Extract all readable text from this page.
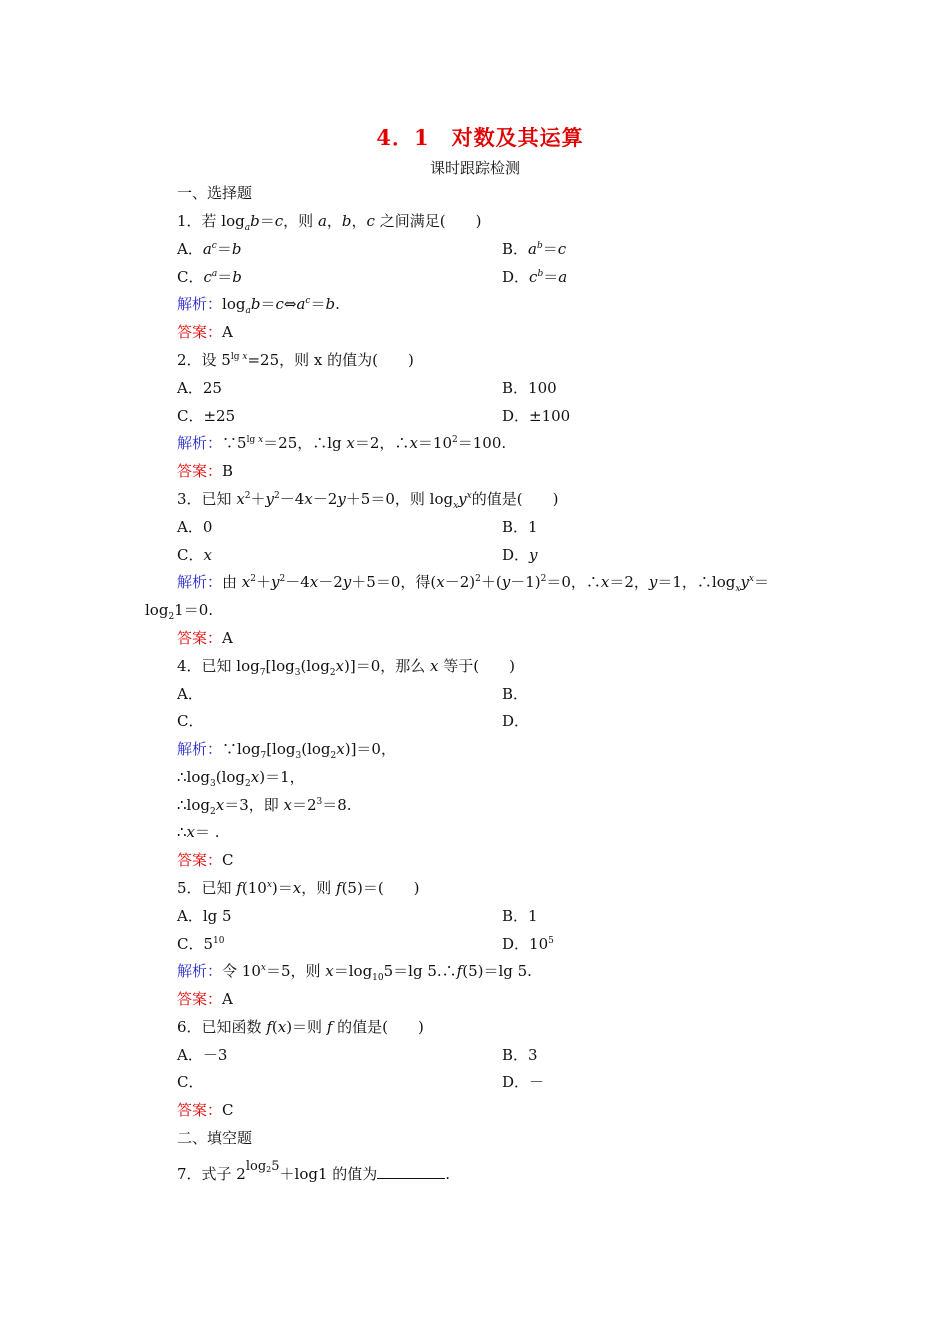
4．1　对数及其运算
课时跟踪检测
一、选择题
1．若 $\log_ab=c$，则 a，b，c 之间满足(　　)
A．$a^c=b$	B．$a^b=c$
C．$c^a=b$	D．$c^b=a$
解析：$\log_ab=c\Leftrightarrow a^c=b$.
答案：A
2．设 $5^{lg x}=25$，则 x 的值为(　　)
A．25	B．100
C．±25	D．±100
解析：$\because 5^{lg x}=25$，∴lg x＝2，$\therefore x=10^2=100$.
答案：B
3．已知 $x^2+y^2-4x-2y+5=0$，则 $\log_xy^x$的值是(　　)
A．0	B．1
C．x	D．y
解析：由 $x^2+y^2-4x-2y+5=0$，得$(x-2)^2+(y-1)^2=0$，∴x＝2，y＝1，$\therefore\log_xy^x=$
$\log_21=0$.
答案：A
4．已知 $\log_7[\log_3(\log_2x)]=0$，那么 x 等于(　　)
A．	B．
C．	D．
解析：$\because\log_7[\log_3(\log_2x)]=0$，
$\therefore\log_3(\log_2x)=1$，
$\therefore\log_2x=3$，即 $x=2^3=8$.
∴x＝ .
答案：C
5．已知 $f(10^x)=x$，则 f(5)＝(　　)
A．lg 5	B．1
C．$5^{10}$	D．$10^5$
解析：令 $10^x=5$，则 $x=\log_{10}5=\lg$ 5.∴f(5)＝lg 5.
答案：A
6．已知函数 f(x)＝则 f 的值是(　　)
A．－3	B．3
C．	D．－
答案：C
二、填空题
7．式子 2log25＋log1 的值为	.
